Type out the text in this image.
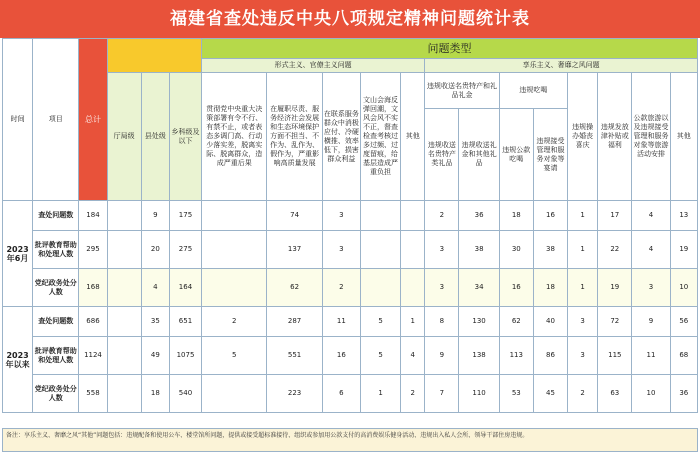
福建省查处违反中央八项规定精神问题统计表
时间	项目	总计				问题类型												
						形式主义、官僚主义问题					享乐主义、奢靡之风问题							
			厅局级	县处级	乡科级及以下	贯彻党中央重大决策部署有令不行、有禁不止，或者表态多调门高、行动少落实差，脱离实际、脱离群众，造成严重后果	在履职尽责、服务经济社会发展和生态环境保护方面不担当、不作为、乱作为、假作为，严重影响高质量发展	在联系服务群众中消极应付、冷硬横推、效率低下，损害群众利益	文山会海反弹回潮，文风会风不实不正，督查检查考核过多过频、过度留痕，给基层造成严重负担	其他	违规收送名贵特产和礼品礼金		违规吃喝		违规操办婚丧喜庆	违规发放津补贴或福利	公款旅游以及违规接受管理和服务对象等旅游活动安排	其他
											违规收送名贵特产类礼品	违规收送礼金和其他礼品	违规公款吃喝	违规接受管理和服务对象等宴请				
2023年6月	查处问题数	184		9	175		74	3			2	36	18	16	1	17	4	13
	批评教育帮助和处理人数	295		20	275		137	3			3	38	30	38	1	22	4	19
	党纪政务处分人数	168		4	164		62	2			3	34	16	18	1	19	3	10
2023年以来	查处问题数	686		35	651	2	287	11	5	1	8	130	62	40	3	72	9	56
	批评教育帮助和处理人数	1124		49	1075	5	551	16	5	4	9	138	113	86	3	115	11	68
	党纪政务处分人数	558		18	540		223	6	1	2	7	110	53	45	2	63	10	36
备注：享乐主义、奢靡之风“其他”问题包括：违规配备和使用公车、楼堂馆所问题，提供或接受超标准接待、组织或参加用公款支付的高消费娱乐健身活动、违规出入私人会所、领导干部住房违规。
